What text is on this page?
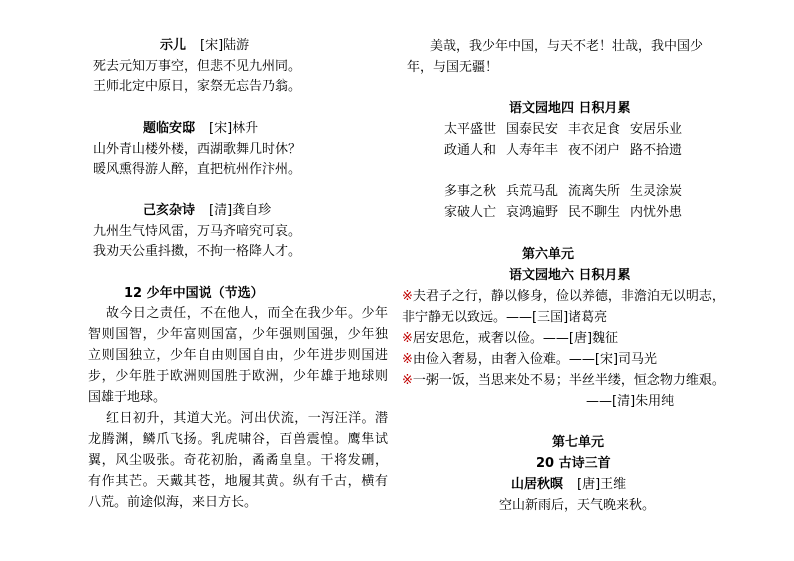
示儿 [宋]陆游
死去元知万事空，但悲不见九州同。
王师北定中原日，家祭无忘告乃翁。
题临安邸 [宋]林升
山外青山楼外楼，西湖歌舞几时休？
暖风熏得游人醉，直把杭州作汴州。
己亥杂诗 [清]龚自珍
九州生气恃风雷，万马齐喑究可哀。
我劝天公重抖擞，不拘一格降人才。
12 少年中国说（节选）
故今日之责任，不在他人，而全在我少年。少年
智则国智，少年富则国富，少年强则国强，少年独
立则国独立，少年自由则国自由，少年进步则国进
步，少年胜于欧洲则国胜于欧洲，少年雄于地球则
国雄于地球。
红日初升，其道大光。河出伏流，一泻汪洋。潜
龙腾渊，鳞爪飞扬。乳虎啸谷，百兽震惶。鹰隼试
翼，风尘吸张。奇花初胎，矞矞皇皇。干将发硎，
有作其芒。天戴其苍，地履其黄。纵有千古，横有
八荒。前途似海，来日方长。
美哉，我少年中国，与天不老！壮哉，我中国少
年，与国无疆！
语文园地四 日积月累
太平盛世 国泰民安 丰衣足食 安居乐业
政通人和 人寿年丰 夜不闭户 路不拾遗
多事之秋 兵荒马乱 流离失所 生灵涂炭
家破人亡 哀鸿遍野 民不聊生 内忧外患
第六单元
语文园地六 日积月累
※夫君子之行，静以修身，俭以养德，非澹泊无以明志，
非宁静无以致远。——[三国]诸葛亮
※居安思危，戒奢以俭。——[唐]魏征
※由俭入奢易，由奢入俭难。——[宋]司马光
※一粥一饭，当思来处不易；半丝半缕，恒念物力维艰。
——[清]朱用纯
第七单元
20 古诗三首
山居秋暝 [唐]王维
空山新雨后，天气晚来秋。
